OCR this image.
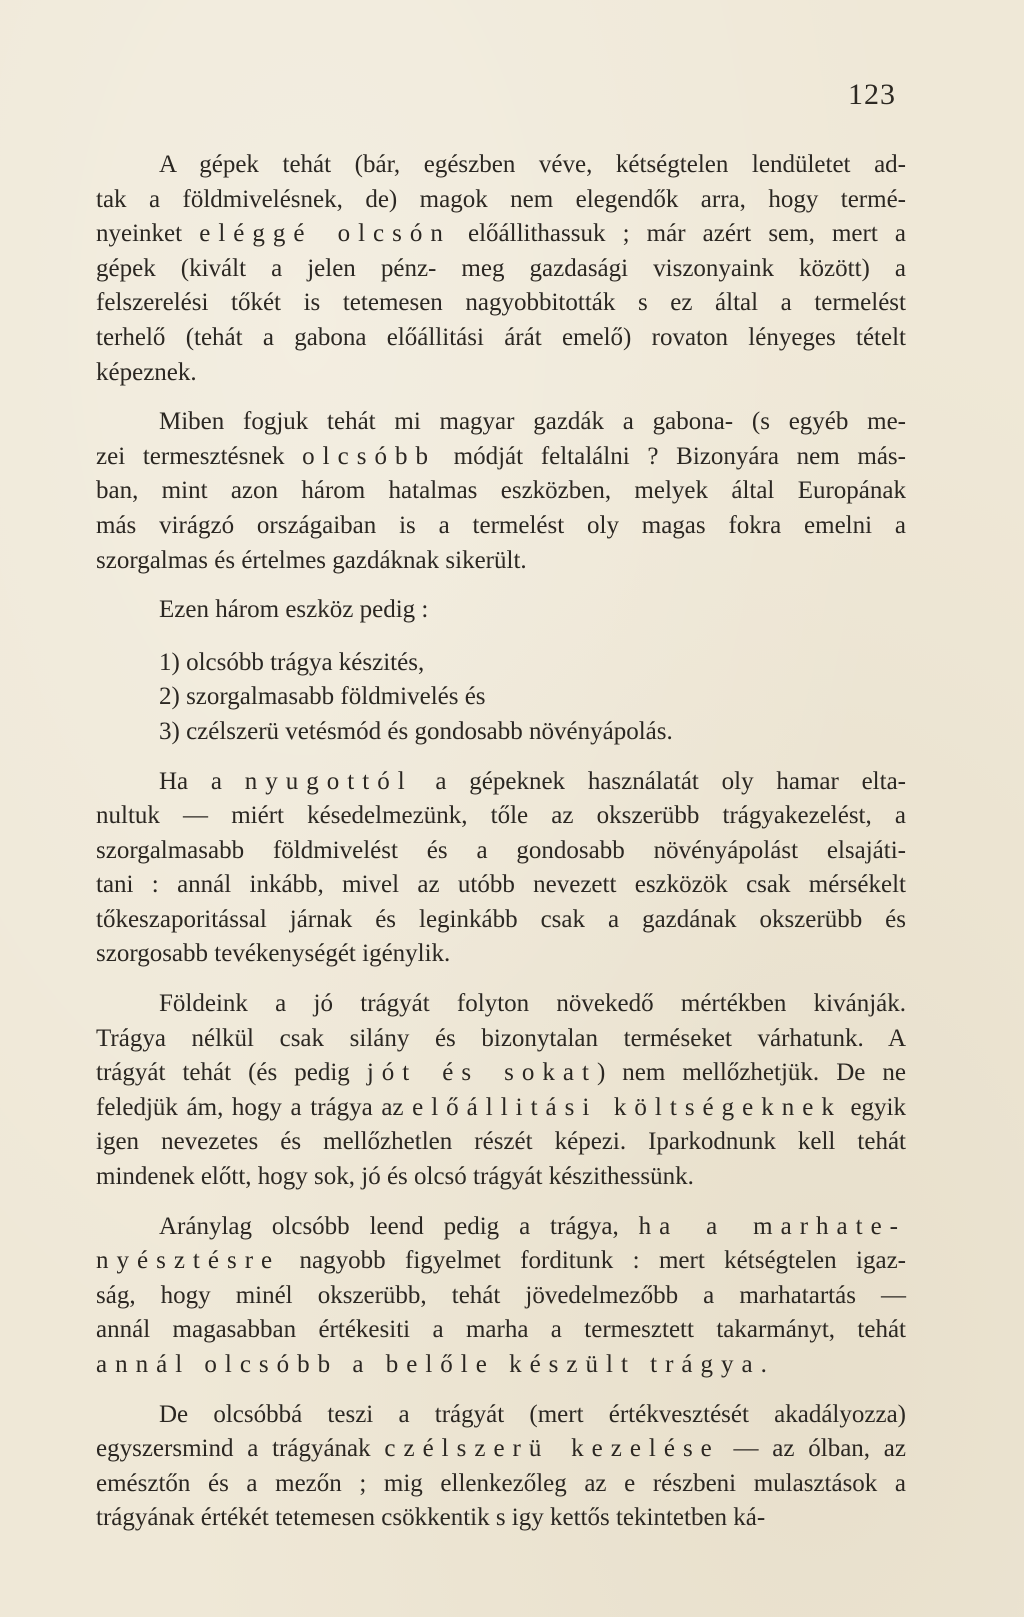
123
A gépek tehát (bár, egészben véve, kétségtelen lendületet ad-
tak a földmivelésnek, de) magok nem elegendők arra, hogy termé-
nyeinket eléggé olcsón előállithassuk ; már azért sem, mert a
gépek (kivált a jelen pénz- meg gazdasági viszonyaink között) a
felszerelési tőkét is tetemesen nagyobbitották s ez által a termelést
terhelő (tehát a gabona előállitási árát emelő) rovaton lényeges tételt
képeznek.
Miben fogjuk tehát mi magyar gazdák a gabona- (s egyéb me-
zei termesztésnek olcsóbb módját feltalálni ? Bizonyára nem más-
ban, mint azon három hatalmas eszközben, melyek által Europának
más virágzó országaiban is a termelést oly magas fokra emelni a
szorgalmas és értelmes gazdáknak sikerült.
Ezen három eszköz pedig :
1) olcsóbb trágya készités,
2) szorgalmasabb földmivelés és
3) czélszerü vetésmód és gondosabb növényápolás.
Ha a nyugottól a gépeknek használatát oly hamar elta-
nultuk — miért késedelmezünk, tőle az okszerübb trágyakezelést, a
szorgalmasabb földmivelést és a gondosabb növényápolást elsajáti-
tani : annál inkább, mivel az utóbb nevezett eszközök csak mérsékelt
tőkeszaporitással járnak és leginkább csak a gazdának okszerübb és
szorgosabb tevékenységét igénylik.
Földeink a jó trágyát folyton növekedő mértékben kivánják.
Trágya nélkül csak silány és bizonytalan terméseket várhatunk. A
trágyát tehát (és pedig jót és sokat) nem mellőzhetjük. De ne
feledjük ám, hogy a trágya az előállitási költségeknek egyik
igen nevezetes és mellőzhetlen részét képezi. Iparkodnunk kell tehát
mindenek előtt, hogy sok, jó és olcsó trágyát készithessünk.
Aránylag olcsóbb leend pedig a trágya, ha a marhate-
nyésztésre nagyobb figyelmet forditunk : mert kétségtelen igaz-
ság, hogy minél okszerübb, tehát jövedelmezőbb a marhatartás —
annál magasabban értékesiti a marha a termesztett takarmányt, tehát
annál olcsóbb a belőle készült trágya.
De olcsóbbá teszi a trágyát (mert értékvesztését akadályozza)
egyszersmind a trágyának czélszerü kezelése — az ólban, az
emésztőn és a mezőn ; mig ellenkezőleg az e részbeni mulasztások a
trágyának értékét tetemesen csökkentik s igy kettős tekintetben ká-
